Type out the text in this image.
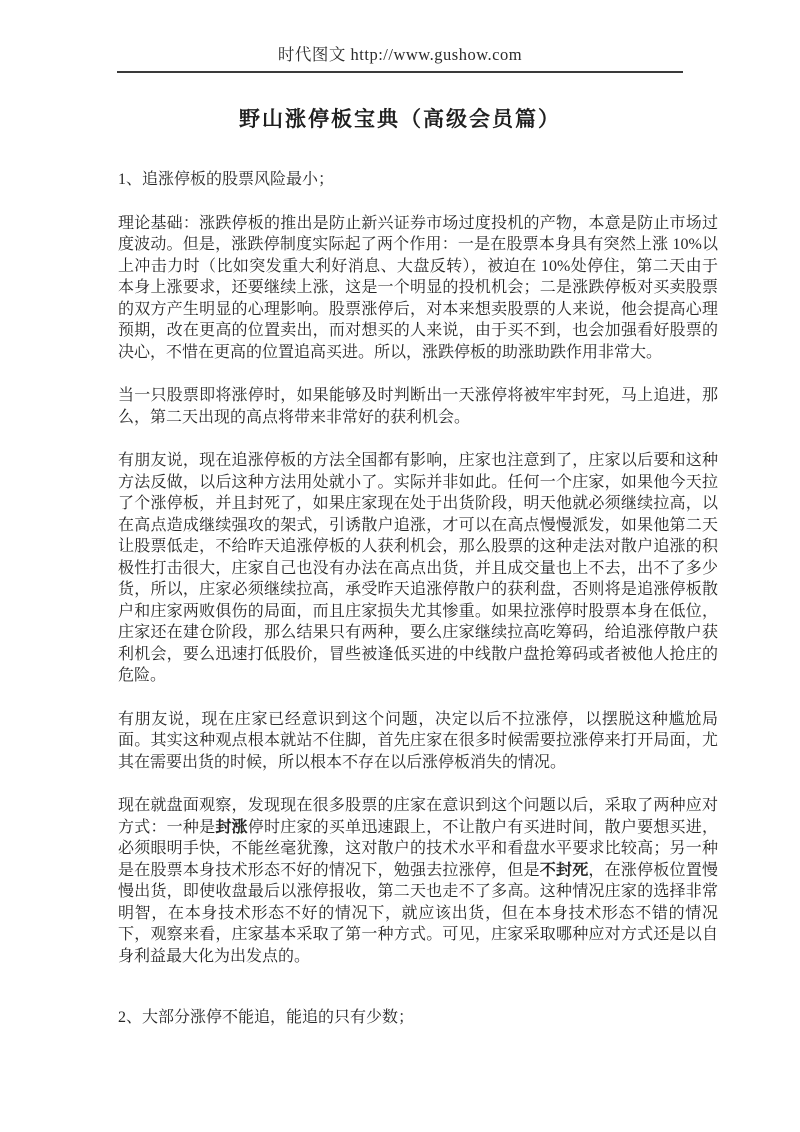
时代图文 http://www.gushow.com
野山涨停板宝典（高级会员篇）

1、追涨停板的股票风险最小；

理论基础：涨跌停板的推出是防止新兴证券市场过度投机的产物，本意是防止市场过度波动。但是，涨跌停制度实际起了两个作用：一是在股票本身具有突然上涨 10%以上冲击力时（比如突发重大利好消息、大盘反转），被迫在 10%处停住，第二天由于本身上涨要求，还要继续上涨，这是一个明显的投机机会；二是涨跌停板对买卖股票的双方产生明显的心理影响。股票涨停后，对本来想卖股票的人来说，他会提高心理预期，改在更高的位置卖出，而对想买的人来说，由于买不到，也会加强看好股票的决心，不惜在更高的位置追高买进。所以，涨跌停板的助涨助跌作用非常大。

当一只股票即将涨停时，如果能够及时判断出一天涨停将被牢牢封死，马上追进，那么，第二天出现的高点将带来非常好的获利机会。

有朋友说，现在追涨停板的方法全国都有影响，庄家也注意到了，庄家以后要和这种方法反做，以后这种方法用处就小了。实际并非如此。任何一个庄家，如果他今天拉了个涨停板，并且封死了，如果庄家现在处于出货阶段，明天他就必须继续拉高，以在高点造成继续强攻的架式，引诱散户追涨，才可以在高点慢慢派发，如果他第二天让股票低走，不给昨天追涨停板的人获利机会，那么股票的这种走法对散户追涨的积极性打击很大，庄家自己也没有办法在高点出货，并且成交量也上不去，出不了多少货，所以，庄家必须继续拉高，承受昨天追涨停散户的获利盘，否则将是追涨停板散户和庄家两败俱伤的局面，而且庄家损失尤其惨重。如果拉涨停时股票本身在低位，庄家还在建仓阶段，那么结果只有两种，要么庄家继续拉高吃筹码，给追涨停散户获利机会，要么迅速打低股价，冒些被逢低买进的中线散户盘抢筹码或者被他人抢庄的危险。

有朋友说，现在庄家已经意识到这个问题，决定以后不拉涨停，以摆脱这种尴尬局面。其实这种观点根本就站不住脚，首先庄家在很多时候需要拉涨停来打开局面，尤其在需要出货的时候，所以根本不存在以后涨停板消失的情况。

现在就盘面观察，发现现在很多股票的庄家在意识到这个问题以后，采取了两种应对方式：一种是封涨停时庄家的买单迅速跟上，不让散户有买进时间，散户要想买进，必须眼明手快，不能丝毫犹豫，这对散户的技术水平和看盘水平要求比较高；另一种是在股票本身技术形态不好的情况下，勉强去拉涨停，但是不封死，在涨停板位置慢慢出货，即使收盘最后以涨停报收，第二天也走不了多高。这种情况庄家的选择非常明智，在本身技术形态不好的情况下，就应该出货，但在本身技术形态不错的情况下，观察来看，庄家基本采取了第一种方式。可见，庄家采取哪种应对方式还是以自身利益最大化为出发点的。

2、大部分涨停不能追，能追的只有少数；
